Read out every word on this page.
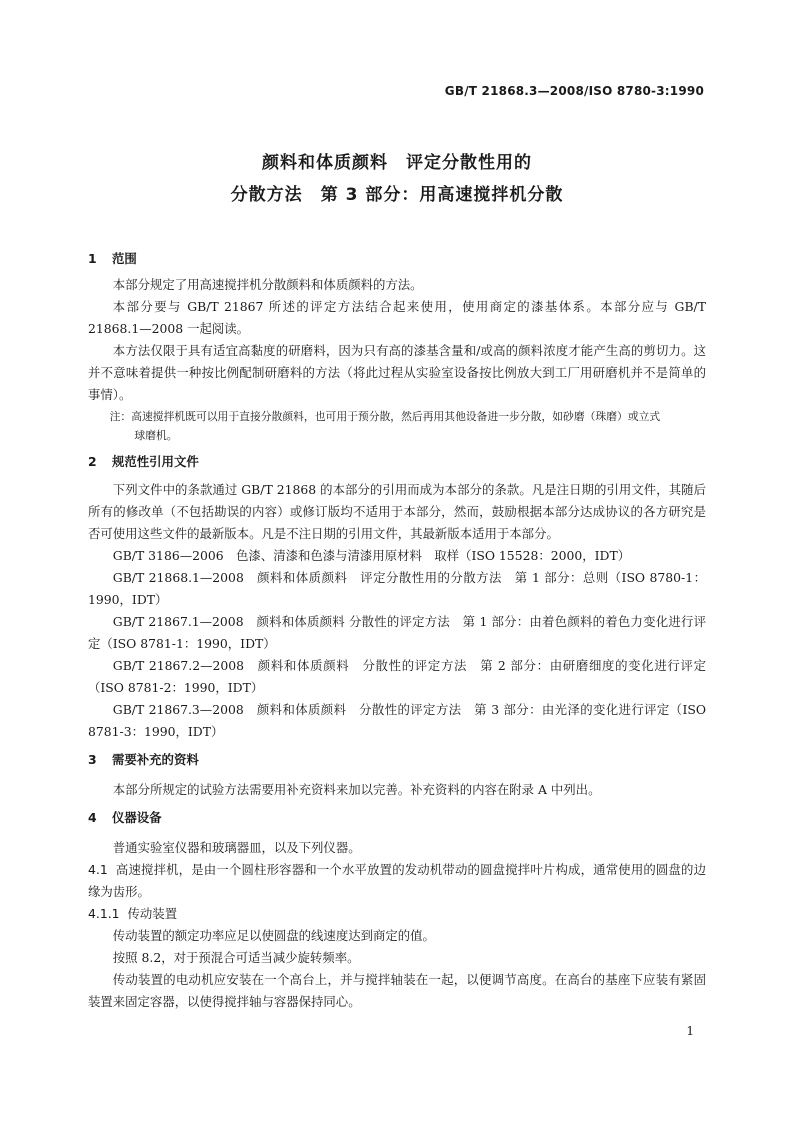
GB/T 21868.3—2008/ISO 8780-3:1990
颜料和体质颜料　评定分散性用的
分散方法　第 3 部分：用高速搅拌机分散
1 范围

本部分规定了用高速搅拌机分散颜料和体质颜料的方法。

本部分要与 GB/T 21867 所述的评定方法结合起来使用，使用商定的漆基体系。本部分应与 GB/T 21868.1—2008 一起阅读。

本方法仅限于具有适宜高黏度的研磨料，因为只有高的漆基含量和/或高的颜料浓度才能产生高的剪切力。这并不意味着提供一种按比例配制研磨料的方法（将此过程从实验室设备按比例放大到工厂用研磨机并不是简单的事情）。

注：高速搅拌机既可以用于直接分散颜料，也可用于预分散，然后再用其他设备进一步分散，如砂磨（珠磨）或立式
球磨机。
2 规范性引用文件

下列文件中的条款通过 GB/T 21868 的本部分的引用而成为本部分的条款。凡是注日期的引用文件，其随后所有的修改单（不包括勘误的内容）或修订版均不适用于本部分，然而，鼓励根据本部分达成协议的各方研究是否可使用这些文件的最新版本。凡是不注日期的引用文件，其最新版本适用于本部分。

GB/T 3186—2006　色漆、清漆和色漆与清漆用原材料　取样（ISO 15528：2000，IDT）

GB/T 21868.1—2008　颜料和体质颜料　评定分散性用的分散方法　第 1 部分：总则（ISO 8780-1：1990，IDT）

GB/T 21867.1—2008　颜料和体质颜料 分散性的评定方法　第 1 部分：由着色颜料的着色力变化进行评定（ISO 8781-1：1990，IDT）

GB/T 21867.2—2008　颜料和体质颜料　分散性的评定方法　第 2 部分：由研磨细度的变化进行评定（ISO 8781-2：1990，IDT）

GB/T 21867.3—2008　颜料和体质颜料　分散性的评定方法　第 3 部分：由光泽的变化进行评定（ISO 8781-3：1990，IDT）

3 需要补充的资料

本部分所规定的试验方法需要用补充资料来加以完善。补充资料的内容在附录 A 中列出。

4 仪器设备

普通实验室仪器和玻璃器皿，以及下列仪器。

4.1 高速搅拌机，是由一个圆柱形容器和一个水平放置的发动机带动的圆盘搅拌叶片构成，通常使用的圆盘的边缘为齿形。

4.1.1 传动装置

传动装置的额定功率应足以使圆盘的线速度达到商定的值。

按照 8.2，对于预混合可适当减少旋转频率。

传动装置的电动机应安装在一个高台上，并与搅拌轴装在一起，以便调节高度。在高台的基座下应装有紧固装置来固定容器，以使得搅拌轴与容器保持同心。

1
